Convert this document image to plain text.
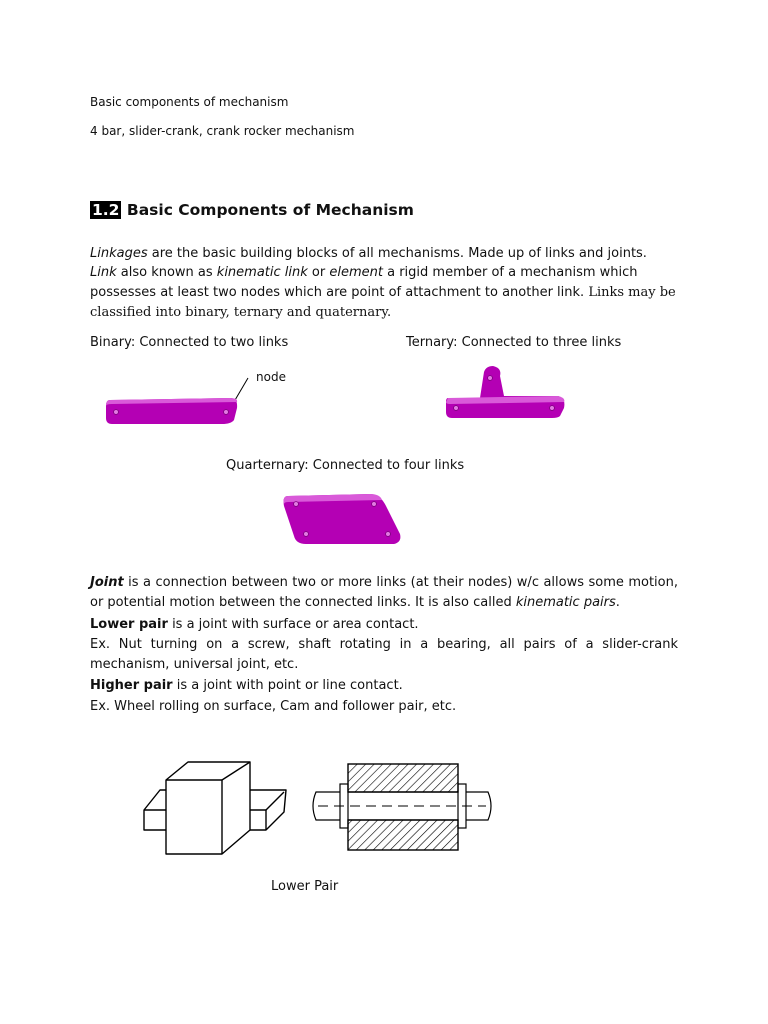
Basic components of mechanism
4 bar, slider-crank, crank rocker mechanism
1.2 Basic Components of Mechanism
Linkages are the basic building blocks of all mechanisms. Made up of links and joints.
Link also known as kinematic link or element a rigid member of a mechanism which possesses at least two nodes which are point of attachment to another link. Links may be classified into binary, ternary and quaternary.
Binary: Connected to two links	Ternary: Connected to three links
node
Quarternary: Connected to four links
Joint is a connection between two or more links (at their nodes) w/c allows some motion, or potential motion between the connected links. It is also called kinematic pairs.
Lower pair is a joint with surface or area contact.
Ex. Nut turning on a screw, shaft rotating in a bearing, all pairs of a slider-crank mechanism, universal joint, etc.
Higher pair is a joint with point or line contact.
Ex. Wheel rolling on surface, Cam and follower pair, etc.
Lower Pair
